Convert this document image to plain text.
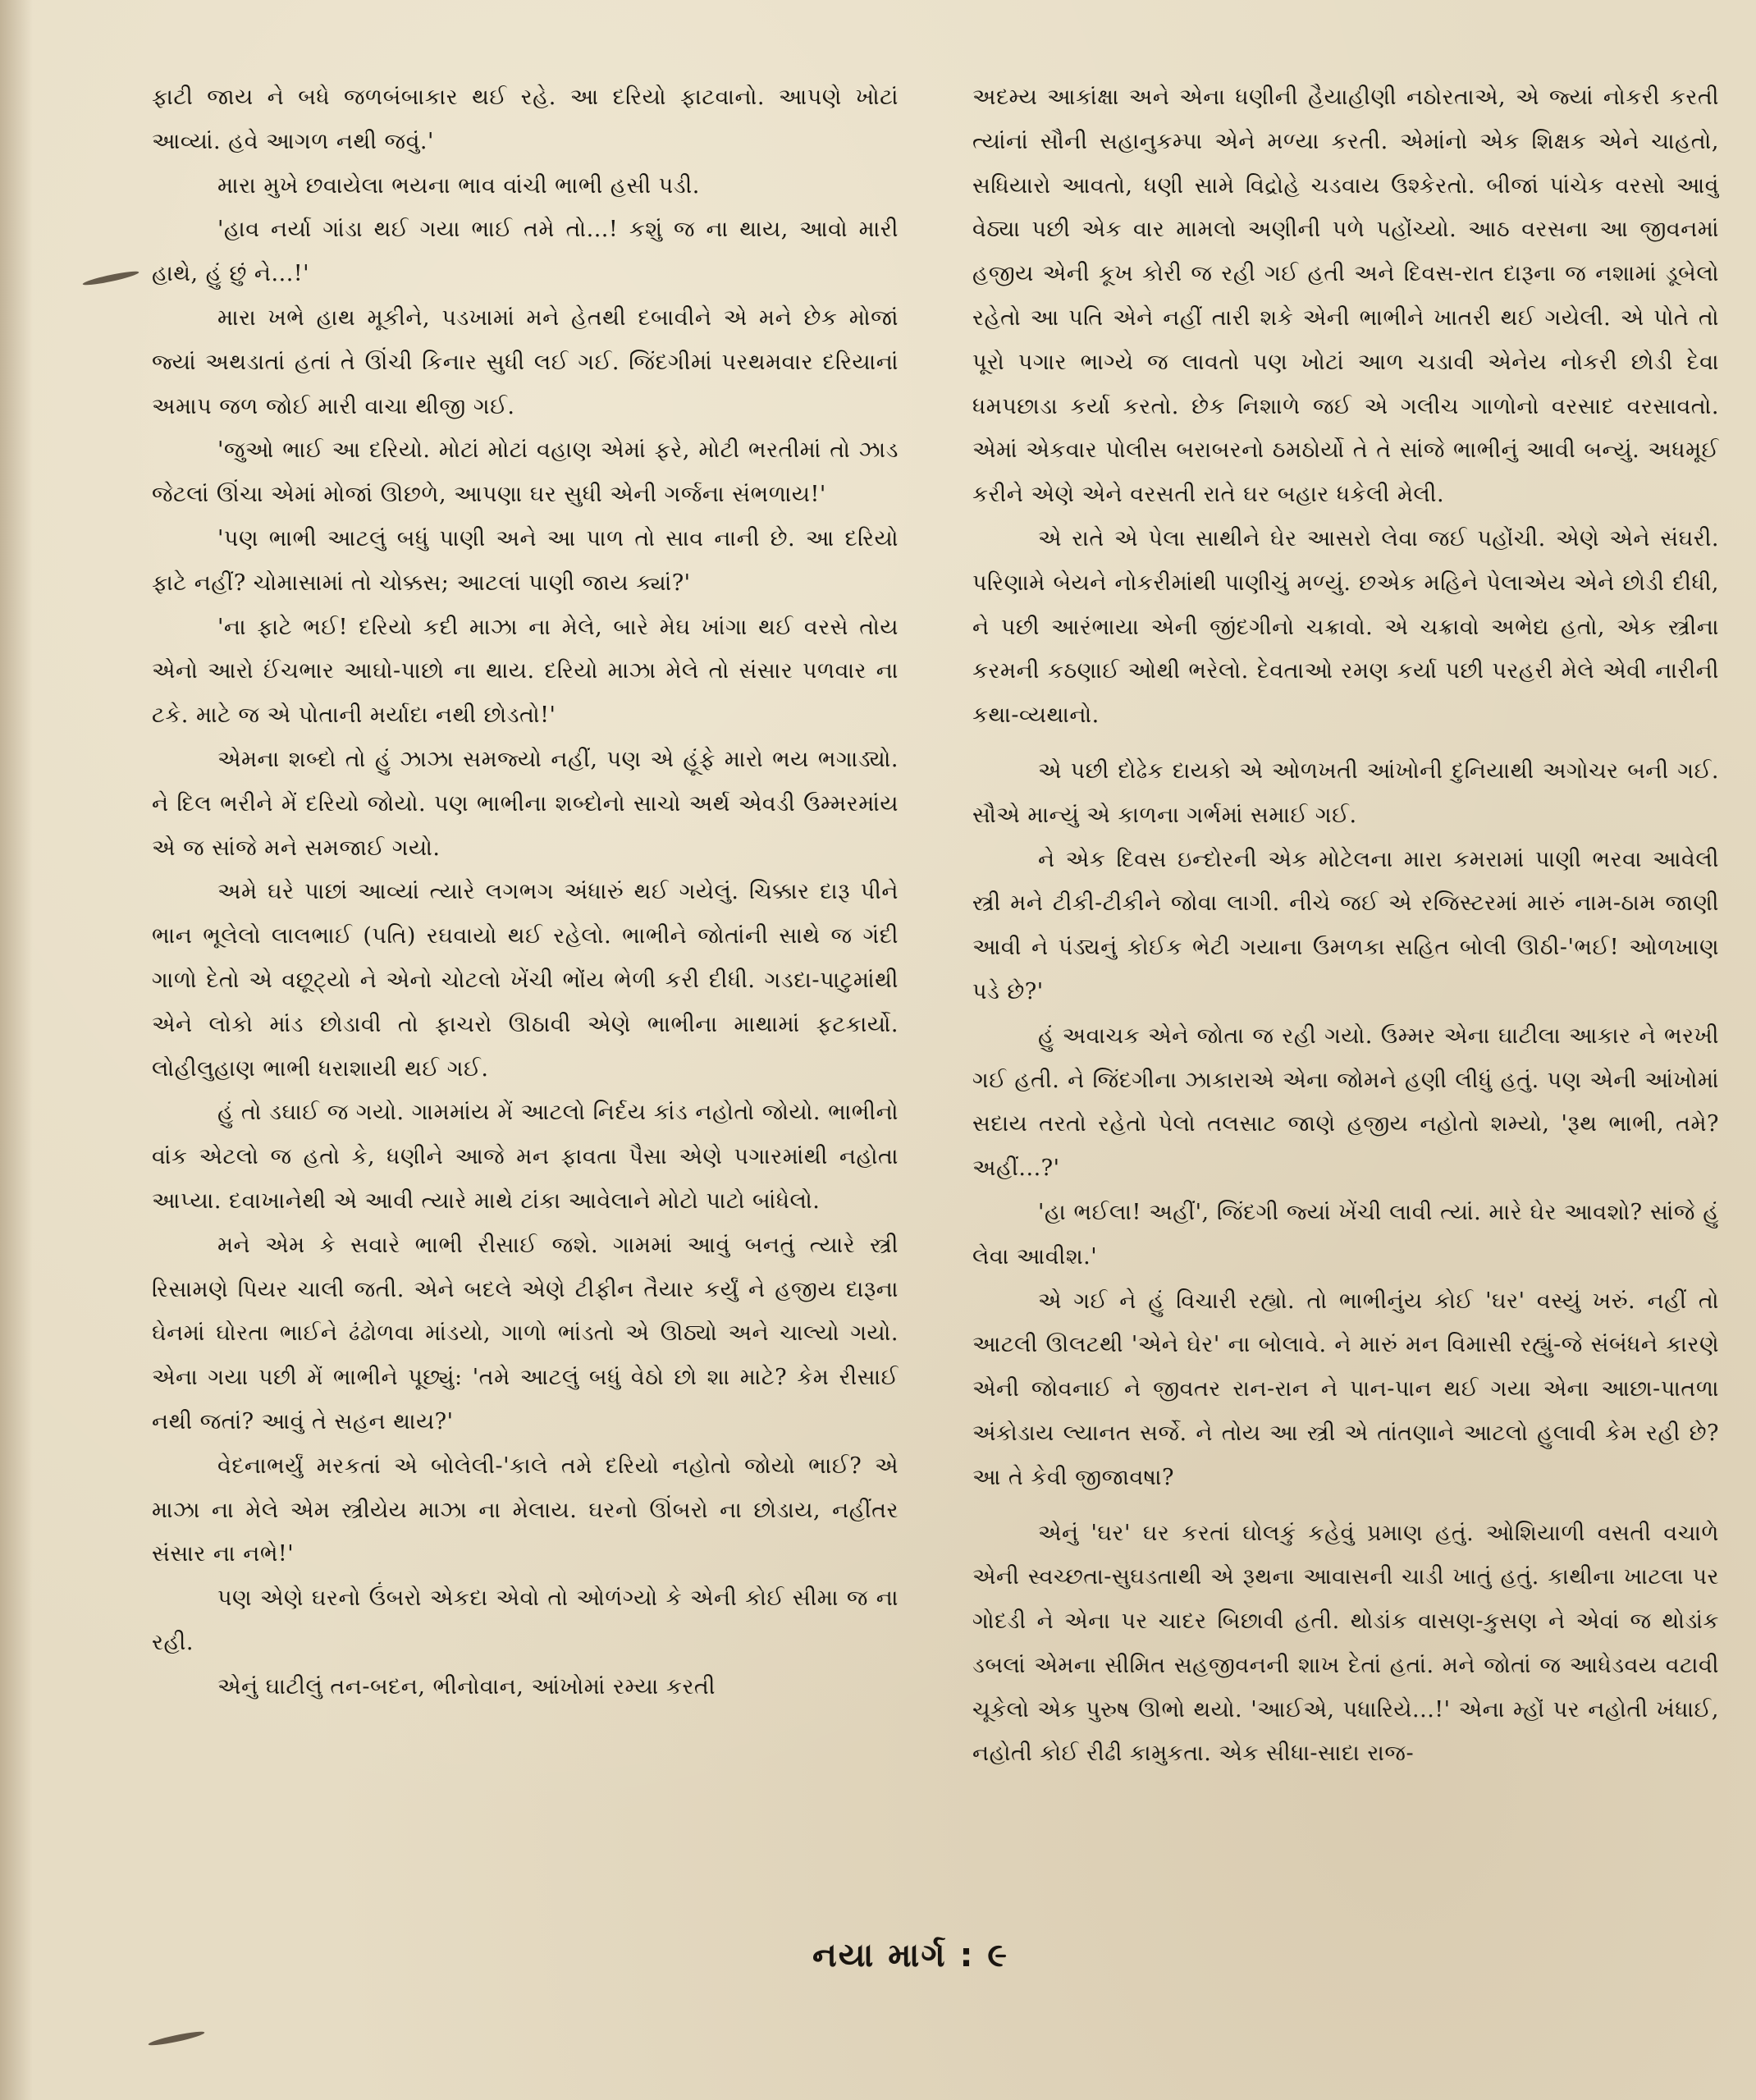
ફાટી જાય ને બધે જળબંબાકાર થઈ રહે. આ દરિયો ફાટવાનો. આપણે ખોટાં આવ્યાં. હવે આગળ નથી જવું.'

મારા મુખે છવાયેલા ભયના ભાવ વાંચી ભાભી હસી પડી.

'હાવ નર્યા ગાંડા થઈ ગયા ભાઈ તમે તો...! કશું જ ના થાય, આવો મારી હાથે, હું છું ને...!'

મારા ખભે હાથ મૂકીને, પડખામાં મને હેતથી દબાવીને એ મને છેક મોજાં જ્યાં અથડાતાં હતાં તે ઊંચી કિનાર સુધી લઈ ગઈ. જિંદગીમાં પરથમવાર દરિયાનાં અમાપ જળ જોઈ મારી વાચા થીજી ગઈ.

'જુઓ ભાઈ આ દરિયો. મોટાં મોટાં વહાણ એમાં ફરે, મોટી ભરતીમાં તો ઝાડ જેટલાં ઊંચા એમાં મોજાં ઊછળે, આપણા ઘર સુધી એની ગર્જના સંભળાય!'

'પણ ભાભી આટલું બધું પાણી અને આ પાળ તો સાવ નાની છે. આ દરિયો ફાટે નહીં? ચોમાસામાં તો ચોક્કસ; આટલાં પાણી જાય ક્યાં?'

'ના ફાટે ભઈ! દરિયો કદી માઝા ના મેલે, બારે મેઘ ખાંગા થઈ વરસે તોય એનો આરો ઈંચભાર આઘો-પાછો ના થાય. દરિયો માઝા મેલે તો સંસાર પળવાર ના ટકે. માટે જ એ પોતાની મર્યાદા નથી છોડતો!'

એમના શબ્દો તો હું ઝાઝા સમજ્યો નહીં, પણ એ હૂંફે મારો ભય ભગાડ્યો. ને દિલ ભરીને મેં દરિયો જોયો. પણ ભાભીના શબ્દોનો સાચો અર્થ એવડી ઉમ્મરમાંય એ જ સાંજે મને સમજાઈ ગયો.

અમે ઘરે પાછાં આવ્યાં ત્યારે લગભગ અંધારું થઈ ગયેલું. ચિક્કાર દારૂ પીને ભાન ભૂલેલો લાલભાઈ (પતિ) રઘવાયો થઈ રહેલો. ભાભીને જોતાંની સાથે જ ગંદી ગાળો દેતો એ વછૂટ્યો ને એનો ચોટલો ખેંચી ભોંય ભેળી કરી દીધી. ગડદા-પાટુમાંથી એને લોકો માંડ છોડાવી તો ફાચરો ઊઠાવી એણે ભાભીના માથામાં ફટકાર્યો. લોહીલુહાણ ભાભી ધરાશાયી થઈ ગઈ.

હું તો ડઘાઈ જ ગયો. ગામમાંય મેં આટલો નિર્દય કાંડ નહોતો જોયો. ભાભીનો વાંક એટલો જ હતો કે, ધણીને આજે મન ફાવતા પૈસા એણે પગારમાંથી નહોતા આપ્યા. દવાખાનેથી એ આવી ત્યારે માથે ટાંકા આવેલાને મોટો પાટો બાંધેલો.

મને એમ કે સવારે ભાભી રીસાઈ જશે. ગામમાં આવું બનતું ત્યારે સ્ત્રી રિસામણે પિયર ચાલી જતી. એને બદલે એણે ટીફીન તૈયાર કર્યું ને હજીય દારૂના ઘેનમાં ઘોરતા ભાઈને ઢંઢોળવા માંડયો, ગાળો ભાંડતો એ ઊઠ્યો અને ચાલ્યો ગયો. એના ગયા પછી મેં ભાભીને પૂછ્યું: 'તમે આટલું બધું વેઠો છો શા માટે? કેમ રીસાઈ નથી જતાં? આવું તે સહન થાય?'

વેદનાભર્યું મરકતાં એ બોલેલી-'કાલે તમે દરિયો નહોતો જોયો ભાઈ? એ માઝા ના મેલે એમ સ્ત્રીયેય માઝા ના મેલાય. ઘરનો ઊંબરો ના છોડાય, નહીંતર સંસાર ના નભે!'

પણ એણે ઘરનો ઉંબરો એકદા એવો તો ઓળંગ્યો કે એની કોઈ સીમા જ ના રહી.

એનું ઘાટીલું તન-બદન, ભીનોવાન, આંખોમાં રમ્યા કરતી

અદમ્ય આકાંક્ષા અને એના ધણીની હૈયાહીણી નઠોરતાએ, એ જ્યાં નોકરી કરતી ત્યાંનાં સૌની સહાનુકમ્પા એને મળ્યા કરતી. એમાંનો એક શિક્ષક એને ચાહતો, સધિયારો આવતો, ધણી સામે વિદ્રોહે ચડવાય ઉશ્કેરતો. બીજાં પાંચેક વરસો આવું વેઠ્યા પછી એક વાર મામલો અણીની પળે પહોંચ્યો. આઠ વરસના આ જીવનમાં હજીય એની કૂખ કોરી જ રહી ગઈ હતી અને દિવસ-રાત દારૂના જ નશામાં ડૂબેલો રહેતો આ પતિ એને નહીં તારી શકે એની ભાભીને ખાતરી થઈ ગયેલી. એ પોતે તો પૂરો પગાર ભાગ્યે જ લાવતો પણ ખોટાં આળ ચડાવી એનેય નોકરી છોડી દેવા ધમપછાડા કર્યા કરતો. છેક નિશાળે જઈ એ ગલીચ ગાળોનો વરસાદ વરસાવતો. એમાં એકવાર પોલીસ બરાબરનો ઠમઠોર્યો તે તે સાંજે ભાભીનું આવી બન્યું. અધમૂઈ કરીને એણે એને વરસતી રાતે ઘર બહાર ધકેલી મેલી.

એ રાતે એ પેલા સાથીને ઘેર આસરો લેવા જઈ પહોંચી. એણે એને સંઘરી. પરિણામે બેયને નોકરીમાંથી પાણીચું મળ્યું. છએક મહિને પેલાએય એને છોડી દીધી, ને પછી આરંભાયા એની જીંદગીનો ચક્રાવો. એ ચક્રાવો અભેદ્ય હતો, એક સ્ત્રીના કરમની કઠણાઈ ઓથી ભરેલો. દેવતાઓ રમણ કર્યા પછી પરહરી મેલે એવી નારીની કથા-વ્યથાનો.

એ પછી દોઢેક દાયકો એ ઓળખતી આંખોની દુનિયાથી અગોચર બની ગઈ. સૌએ માન્યું એ કાળના ગર્ભમાં સમાઈ ગઈ.

ને એક દિવસ ઇન્દોરની એક મોટેલના મારા કમરામાં પાણી ભરવા આવેલી સ્ત્રી મને ટીકી-ટીકીને જોવા લાગી. નીચે જઈ એ રજિસ્ટરમાં મારું નામ-ઠામ જાણી આવી ને પંડ્યનું કોઈક ભેટી ગયાના ઉમળકા સહિત બોલી ઊઠી-'ભઈ! ઓળખાણ પડે છે?'

હું અવાચક એને જોતા જ રહી ગયો. ઉમ્મર એના ઘાટીલા આકાર ને ભરખી ગઈ હતી. ને જિંદગીના ઝાકારાએ એના જોમને હણી લીધું હતું. પણ એની આંખોમાં સદાય તરતો રહેતો પેલો તલસાટ જાણે હજીય નહોતો શમ્યો, 'રૂથ ભાભી, તમે? અહીં...?'

'હા ભઈલા! અહીં', જિંદગી જ્યાં ખેંચી લાવી ત્યાં. મારે ઘેર આવશો? સાંજે હું લેવા આવીશ.'

એ ગઈ ને હું વિચારી રહ્યો. તો ભાભીનુંય કોઈ 'ઘર' વસ્યું ખરું. નહીં તો આટલી ઊલટથી 'એને ઘેર' ના બોલાવે. ને મારું મન વિમાસી રહ્યું-જે સંબંધને કારણે એની જોવનાઈ ને જીવતર રાન-રાન ને પાન-પાન થઈ ગયા એના આછા-પાતળા અંકોડાય લ્યાનત સર્જે. ને તોય આ સ્ત્રી એ તાંતણાને આટલો હુલાવી કેમ રહી છે? આ તે કેવી જીજાવષા?

એનું 'ઘર' ઘર કરતાં ઘોલકું કહેવું પ્રમાણ હતું. ઓશિયાળી વસતી વચાળે એની સ્વચ્છતા-સુઘડતાથી એ રૂથના આવાસની ચાડી ખાતું હતું. કાથીના ખાટલા પર ગોદડી ને એના પર ચાદર બિછાવી હતી. થોડાંક વાસણ-કુસણ ને એવાં જ થોડાંક ડબલાં એમના સીમિત સહજીવનની શાખ દેતાં હતાં. મને જોતાં જ આધેડવય વટાવી ચૂકેલો એક પુરુષ ઊભો થયો. 'આઈએ, પધારિયે...!' એના મ્હોં પર નહોતી ખંધાઈ, નહોતી કોઈ રીઢી કામુકતા. એક સીધા-સાદા રાજ-

નયા માર્ગ : ૯
